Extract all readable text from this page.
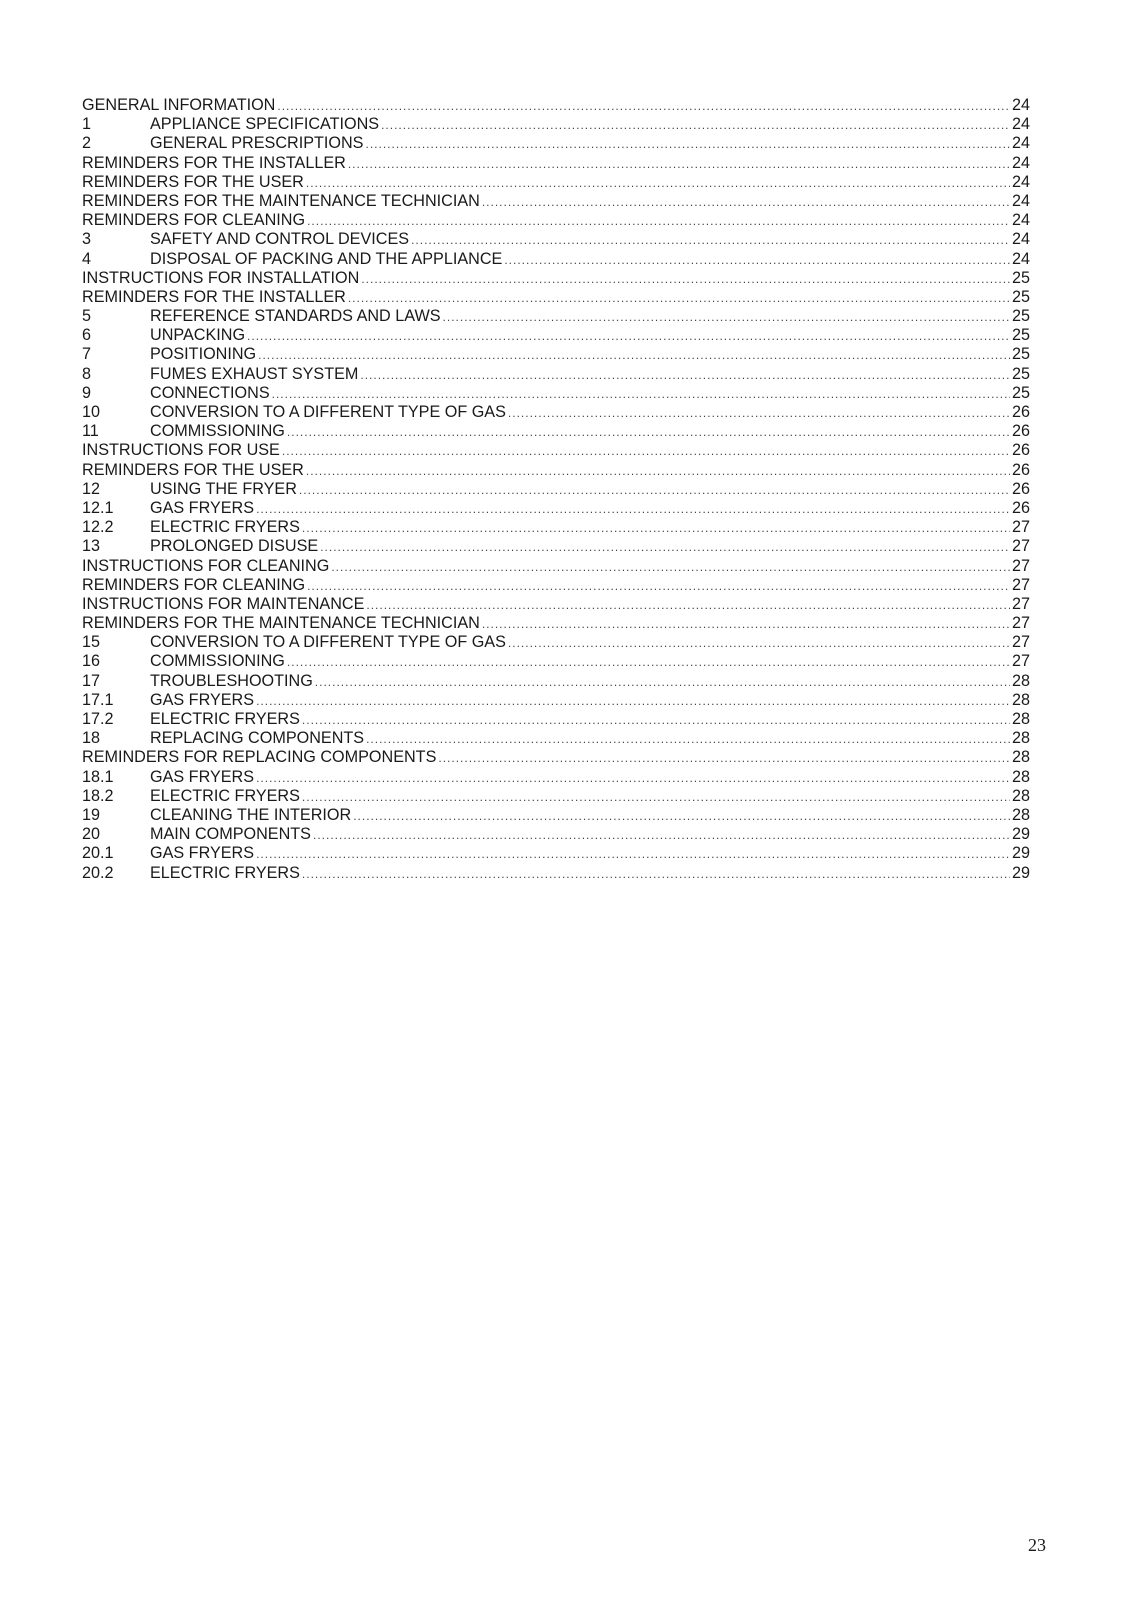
GENERAL INFORMATION .....	24
1	APPLIANCE SPECIFICATIONS .....	24
2	GENERAL PRESCRIPTIONS .....	24
REMINDERS FOR THE INSTALLER .....	24
REMINDERS FOR THE USER .....	24
REMINDERS FOR THE MAINTENANCE TECHNICIAN .....	24
REMINDERS FOR CLEANING .....	24
3	SAFETY AND CONTROL DEVICES .....	24
4	DISPOSAL OF PACKING AND THE APPLIANCE .....	24
INSTRUCTIONS FOR INSTALLATION .....	25
REMINDERS FOR THE INSTALLER .....	25
5	REFERENCE STANDARDS AND LAWS .....	25
6	UNPACKING .....	25
7	POSITIONING .....	25
8	FUMES EXHAUST SYSTEM .....	25
9	CONNECTIONS .....	25
10	CONVERSION TO A DIFFERENT TYPE OF GAS .....	26
11	COMMISSIONING .....	26
INSTRUCTIONS FOR USE .....	26
REMINDERS FOR THE USER .....	26
12	USING THE FRYER .....	26
12.1	GAS FRYERS .....	26
12.2	ELECTRIC FRYERS .....	27
13	PROLONGED DISUSE .....	27
INSTRUCTIONS FOR CLEANING .....	27
REMINDERS FOR CLEANING .....	27
INSTRUCTIONS FOR MAINTENANCE .....	27
REMINDERS FOR THE MAINTENANCE TECHNICIAN .....	27
15	CONVERSION TO A DIFFERENT TYPE OF GAS .....	27
16	COMMISSIONING .....	27
17	TROUBLESHOOTING .....	28
17.1	GAS FRYERS .....	28
17.2	ELECTRIC FRYERS .....	28
18	REPLACING COMPONENTS .....	28
REMINDERS FOR REPLACING COMPONENTS .....	28
18.1	GAS FRYERS .....	28
18.2	ELECTRIC FRYERS .....	28
19	CLEANING THE INTERIOR .....	28
20	MAIN COMPONENTS .....	29
20.1	GAS FRYERS .....	29
20.2	ELECTRIC FRYERS .....	29
23
